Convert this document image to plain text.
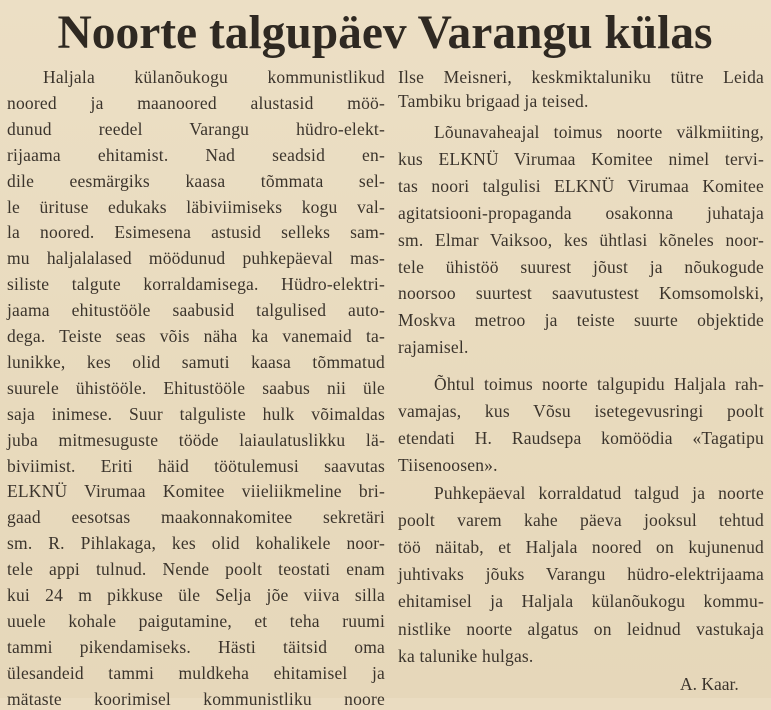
Noorte talgupäev Varangu külas
Haljala külanõukogu kommunistlikud
noored ja maanoored alustasid möö-
dunud reedel Varangu hüdro-elekt-
rijaama ehitamist. Nad seadsid en-
dile eesmärgiks kaasa tõmmata sel-
le ürituse edukaks läbiviimiseks kogu val-
la noored. Esimesena astusid selleks sam-
mu haljalalased möödunud puhkepäeval mas-
siliste talgute korraldamisega. Hüdro-elektri-
jaama ehitustööle saabusid talgulised auto-
dega. Teiste seas võis näha ka vanemaid ta-
lunikke, kes olid samuti kaasa tõmmatud
suurele ühistööle. Ehitustööle saabus nii üle
saja inimese. Suur talguliste hulk võimaldas
juba mitmesuguste tööde laiaulatuslikku lä-
biviimist. Eriti häid töötulemusi saavutas
ELKNÜ Virumaa Komitee viieliikmeline bri-
gaad eesotsas maakonnakomitee sekretäri
sm. R. Pihlakaga, kes olid kohalikele noor-
tele appi tulnud. Nende poolt teostati enam
kui 24 m pikkuse üle Selja jõe viiva silla
uuele kohale paigutamine, et teha ruumi
tammi pikendamiseks. Hästi täitsid oma
ülesandeid tammi muldkeha ehitamisel ja
mätaste koorimisel kommunistliku noore
Ilse Meisneri, keskmiktaluniku tütre Leida
Tambiku brigaad ja teised.
Lõunavaheajal toimus noorte välkmiiting,
kus ELKNÜ Virumaa Komitee nimel tervi-
tas noori talgulisi ELKNÜ Virumaa Komitee
agitatsiooni-propaganda osakonna juhataja
sm. Elmar Vaiksoo, kes ühtlasi kõneles noor-
tele ühistöö suurest jõust ja nõukogude
noorsoo suurtest saavutustest Komsomolski,
Moskva metroo ja teiste suurte objektide
rajamisel.
Õhtul toimus noorte talgupidu Haljala rah-
vamajas, kus Võsu isetegevusringi poolt
etendati H. Raudsepa komöödia «Tagatipu
Tiisenoosen».
Puhkepäeval korraldatud talgud ja noorte
poolt varem kahe päeva jooksul tehtud
töö näitab, et Haljala noored on kujunenud
juhtivaks jõuks Varangu hüdro-elektrijaama
ehitamisel ja Haljala külanõukogu kommu-
nistlike noorte algatus on leidnud vastukaja
ka talunike hulgas.
A. Kaar.
